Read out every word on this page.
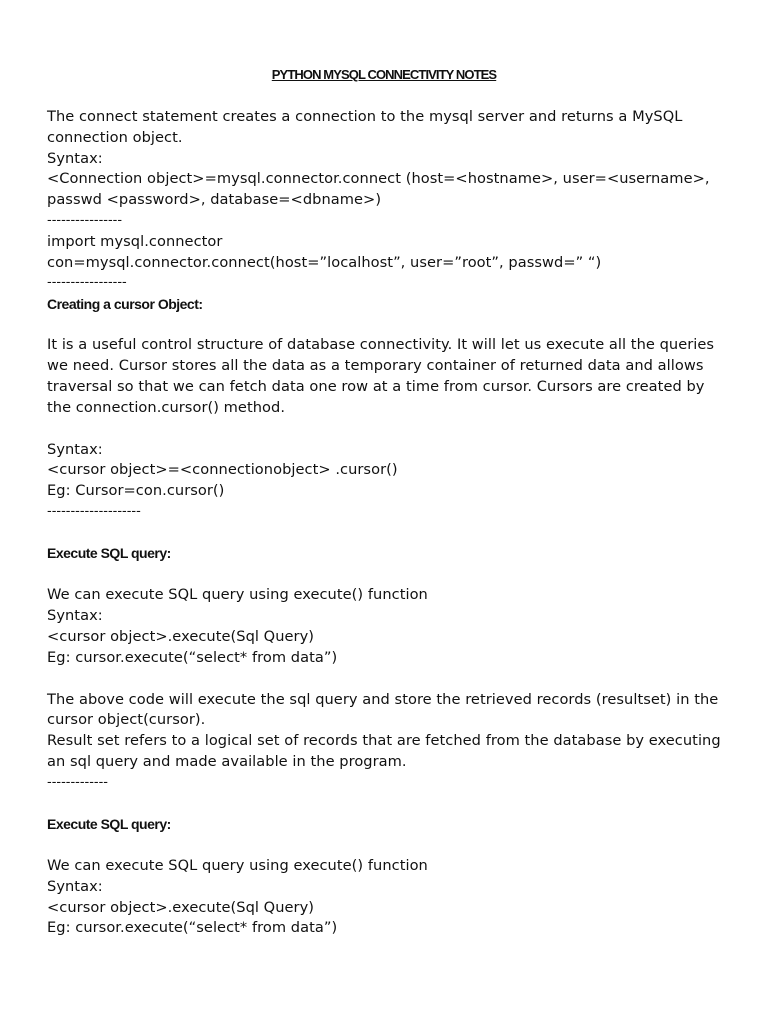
PYTHON MYSQL CONNECTIVITY NOTES
The connect statement creates a connection to the mysql server and returns a MySQL
connection object.
Syntax:
<Connection object>=mysql.connector.connect (host=<hostname>, user=<username>,
passwd <password>, database=<dbname>)
----------------
import mysql.connector
con=mysql.connector.connect(host=”localhost”, user=”root”, passwd=” “)
-----------------
Creating a cursor Object:
It is a useful control structure of database connectivity. It will let us execute all the queries
we need. Cursor stores all the data as a temporary container of returned data and allows
traversal so that we can fetch data one row at a time from cursor. Cursors are created by
the connection.cursor() method.
Syntax:
<cursor object>=<connectionobject> .cursor()
Eg: Cursor=con.cursor()
--------------------
Execute SQL query:
We can execute SQL query using execute() function
Syntax:
<cursor object>.execute(Sql Query)
Eg: cursor.execute(“select* from data”)
The above code will execute the sql query and store the retrieved records (resultset) in the
cursor object(cursor).
Result set refers to a logical set of records that are fetched from the database by executing
an sql query and made available in the program.
-------------
Execute SQL query:
We can execute SQL query using execute() function
Syntax:
<cursor object>.execute(Sql Query)
Eg: cursor.execute(“select* from data”)
